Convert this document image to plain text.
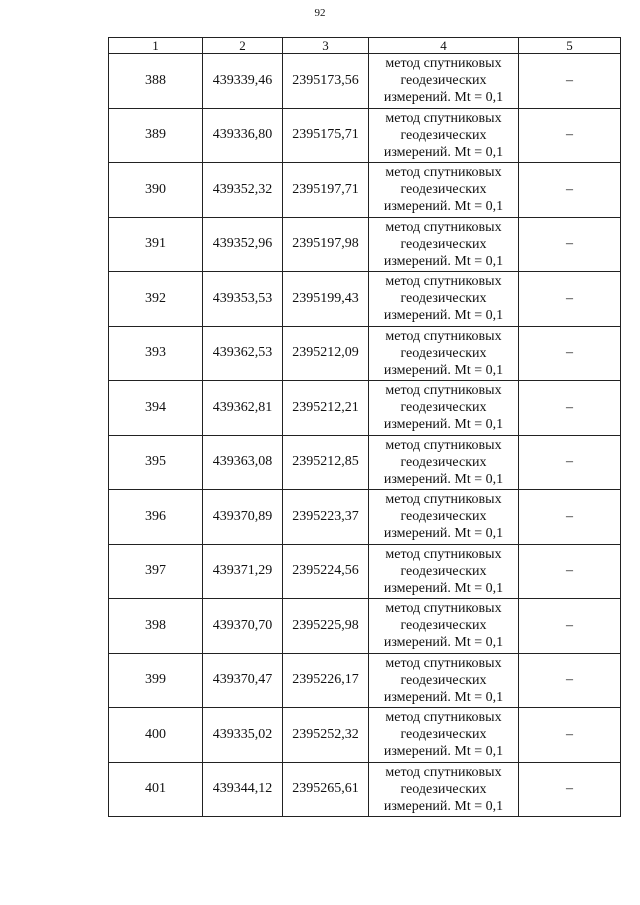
92
1	2	3	4	5
388	439339,46	2395173,56	метод спутниковых
геодезических
измерений. Mt = 0,1	–
389	439336,80	2395175,71	метод спутниковых
геодезических
измерений. Mt = 0,1	–
390	439352,32	2395197,71	метод спутниковых
геодезических
измерений. Mt = 0,1	–
391	439352,96	2395197,98	метод спутниковых
геодезических
измерений. Mt = 0,1	–
392	439353,53	2395199,43	метод спутниковых
геодезических
измерений. Mt = 0,1	–
393	439362,53	2395212,09	метод спутниковых
геодезических
измерений. Mt = 0,1	–
394	439362,81	2395212,21	метод спутниковых
геодезических
измерений. Mt = 0,1	–
395	439363,08	2395212,85	метод спутниковых
геодезических
измерений. Mt = 0,1	–
396	439370,89	2395223,37	метод спутниковых
геодезических
измерений. Mt = 0,1	–
397	439371,29	2395224,56	метод спутниковых
геодезических
измерений. Mt = 0,1	–
398	439370,70	2395225,98	метод спутниковых
геодезических
измерений. Mt = 0,1	–
399	439370,47	2395226,17	метод спутниковых
геодезических
измерений. Mt = 0,1	–
400	439335,02	2395252,32	метод спутниковых
геодезических
измерений. Mt = 0,1	–
401	439344,12	2395265,61	метод спутниковых
геодезических
измерений. Mt = 0,1	–
